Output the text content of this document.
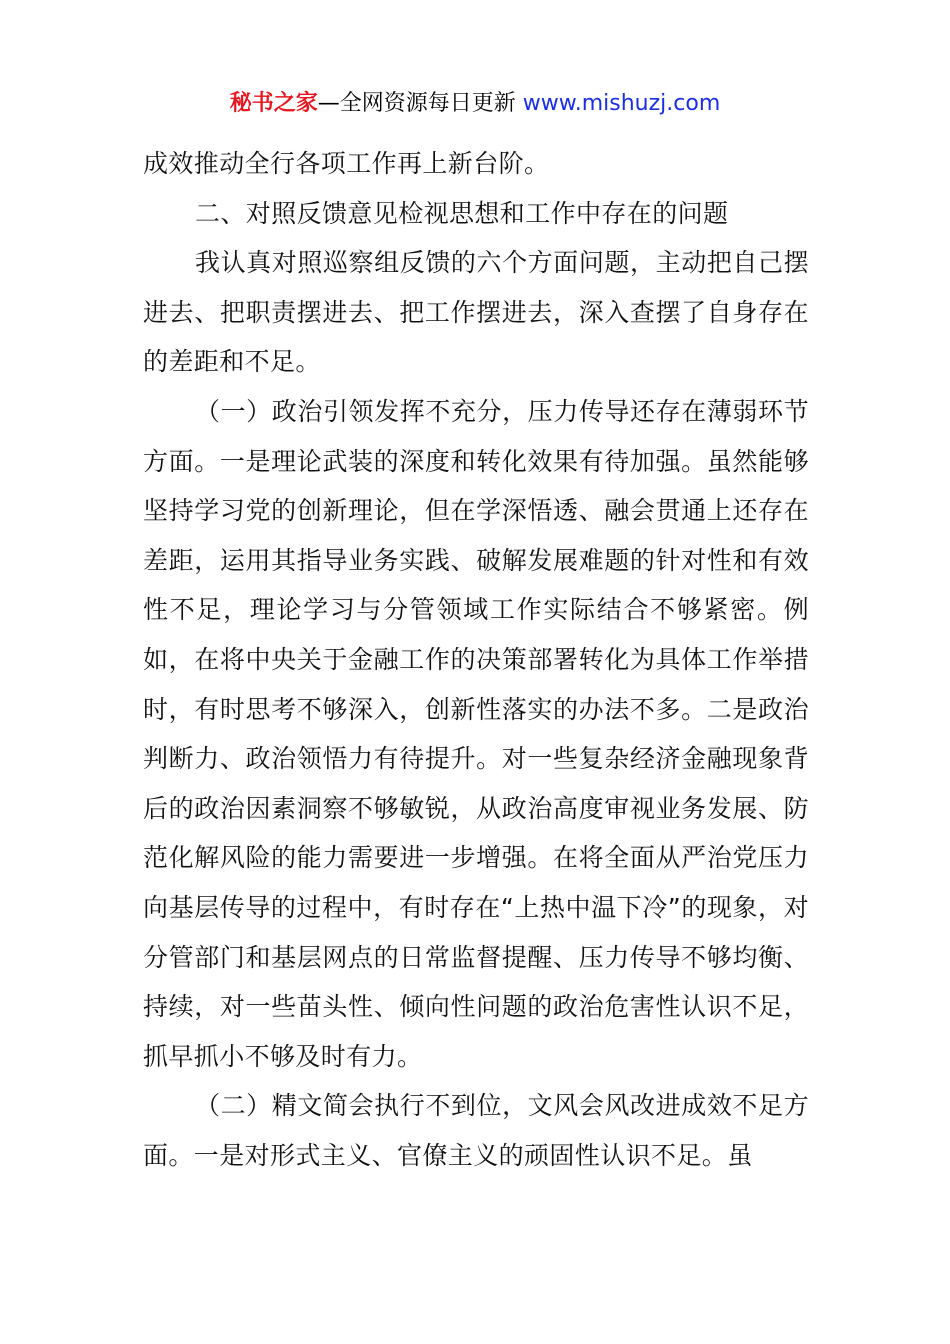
秘书之家—全网资源每日更新 www.mishuzj.com

成效推动全行各项工作再上新台阶。

二、对照反馈意见检视思想和工作中存在的问题

我认真对照巡察组反馈的六个方面问题，主动把自己摆进去、把职责摆进去、把工作摆进去，深入查摆了自身存在的差距和不足。

（一）政治引领发挥不充分，压力传导还存在薄弱环节方面。一是理论武装的深度和转化效果有待加强。虽然能够坚持学习党的创新理论，但在学深悟透、融会贯通上还存在差距，运用其指导业务实践、破解发展难题的针对性和有效性不足，理论学习与分管领域工作实际结合不够紧密。例如，在将中央关于金融工作的决策部署转化为具体工作举措时，有时思考不够深入，创新性落实的办法不多。二是政治判断力、政治领悟力有待提升。对一些复杂经济金融现象背后的政治因素洞察不够敏锐，从政治高度审视业务发展、防范化解风险的能力需要进一步增强。在将全面从严治党压力向基层传导的过程中，有时存在“上热中温下冷”的现象，对分管部门和基层网点的日常监督提醒、压力传导不够均衡、持续，对一些苗头性、倾向性问题的政治危害性认识不足，抓早抓小不够及时有力。

（二）精文简会执行不到位，文风会风改进成效不足方面。一是对形式主义、官僚主义的顽固性认识不足。虽
